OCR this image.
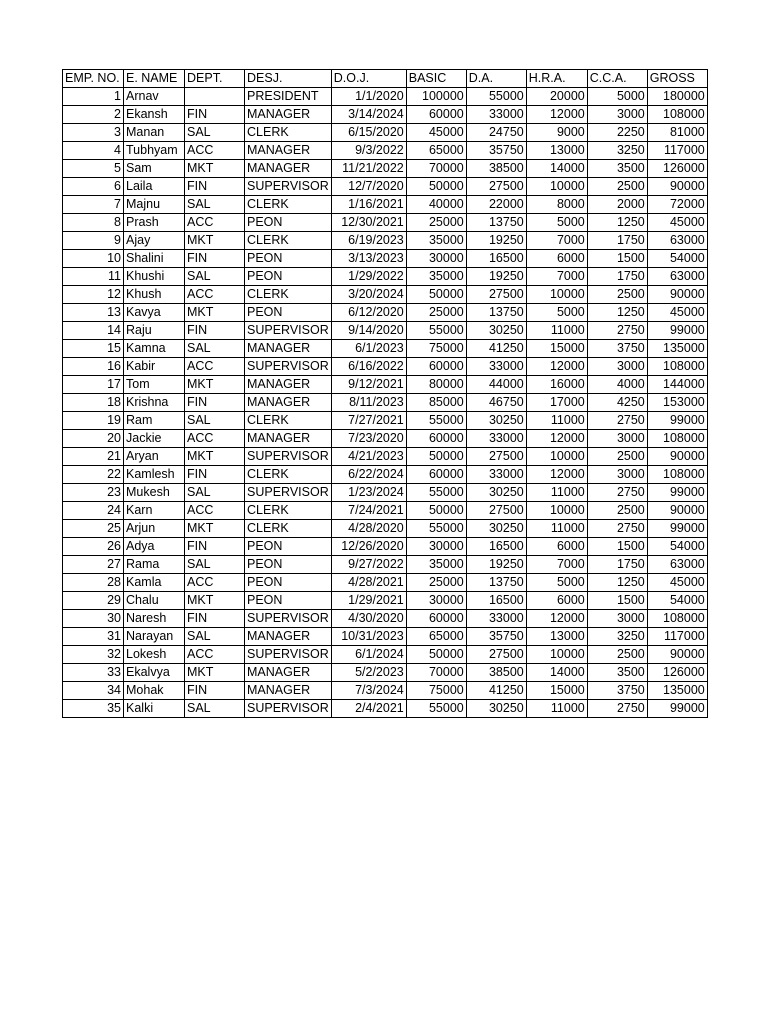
EMP. NO.	E. NAME	DEPT.	DESJ.	D.O.J.	BASIC	D.A.	H.R.A.	C.C.A.	GROSS
1	Arnav		PRESIDENT	1/1/2020	100000	55000	20000	5000	180000
2	Ekansh	FIN	MANAGER	3/14/2024	60000	33000	12000	3000	108000
3	Manan	SAL	CLERK	6/15/2020	45000	24750	9000	2250	81000
4	Tubhyam	ACC	MANAGER	9/3/2022	65000	35750	13000	3250	117000
5	Sam	MKT	MANAGER	11/21/2022	70000	38500	14000	3500	126000
6	Laila	FIN	SUPERVISOR	12/7/2020	50000	27500	10000	2500	90000
7	Majnu	SAL	CLERK	1/16/2021	40000	22000	8000	2000	72000
8	Prash	ACC	PEON	12/30/2021	25000	13750	5000	1250	45000
9	Ajay	MKT	CLERK	6/19/2023	35000	19250	7000	1750	63000
10	Shalini	FIN	PEON	3/13/2023	30000	16500	6000	1500	54000
11	Khushi	SAL	PEON	1/29/2022	35000	19250	7000	1750	63000
12	Khush	ACC	CLERK	3/20/2024	50000	27500	10000	2500	90000
13	Kavya	MKT	PEON	6/12/2020	25000	13750	5000	1250	45000
14	Raju	FIN	SUPERVISOR	9/14/2020	55000	30250	11000	2750	99000
15	Kamna	SAL	MANAGER	6/1/2023	75000	41250	15000	3750	135000
16	Kabir	ACC	SUPERVISOR	6/16/2022	60000	33000	12000	3000	108000
17	Tom	MKT	MANAGER	9/12/2021	80000	44000	16000	4000	144000
18	Krishna	FIN	MANAGER	8/11/2023	85000	46750	17000	4250	153000
19	Ram	SAL	CLERK	7/27/2021	55000	30250	11000	2750	99000
20	Jackie	ACC	MANAGER	7/23/2020	60000	33000	12000	3000	108000
21	Aryan	MKT	SUPERVISOR	4/21/2023	50000	27500	10000	2500	90000
22	Kamlesh	FIN	CLERK	6/22/2024	60000	33000	12000	3000	108000
23	Mukesh	SAL	SUPERVISOR	1/23/2024	55000	30250	11000	2750	99000
24	Karn	ACC	CLERK	7/24/2021	50000	27500	10000	2500	90000
25	Arjun	MKT	CLERK	4/28/2020	55000	30250	11000	2750	99000
26	Adya	FIN	PEON	12/26/2020	30000	16500	6000	1500	54000
27	Rama	SAL	PEON	9/27/2022	35000	19250	7000	1750	63000
28	Kamla	ACC	PEON	4/28/2021	25000	13750	5000	1250	45000
29	Chalu	MKT	PEON	1/29/2021	30000	16500	6000	1500	54000
30	Naresh	FIN	SUPERVISOR	4/30/2020	60000	33000	12000	3000	108000
31	Narayan	SAL	MANAGER	10/31/2023	65000	35750	13000	3250	117000
32	Lokesh	ACC	SUPERVISOR	6/1/2024	50000	27500	10000	2500	90000
33	Ekalvya	MKT	MANAGER	5/2/2023	70000	38500	14000	3500	126000
34	Mohak	FIN	MANAGER	7/3/2024	75000	41250	15000	3750	135000
35	Kalki	SAL	SUPERVISOR	2/4/2021	55000	30250	11000	2750	99000
